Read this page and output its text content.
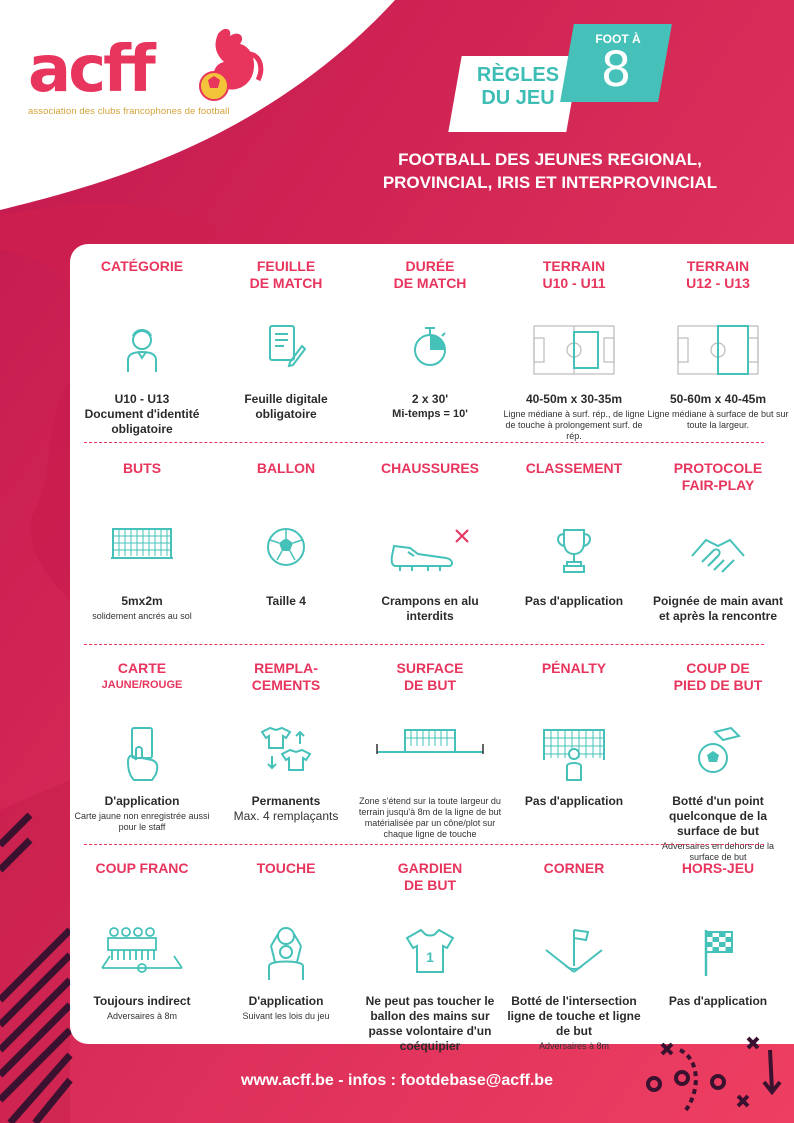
acff
association des clubs francophones de football
RÈGLES DU JEU
FOOT À
8
FOOTBALL DES JEUNES REGIONAL,
PROVINCIAL, IRIS ET INTERPROVINCIAL
CATÉGORIE
U10 - U13
Document d'identité obligatoire
FEUILLE
DE MATCH
Feuille digitale obligatoire
DURÉE
DE MATCH
2 x 30'
Mi-temps = 10'
TERRAIN
U10 - U11
40-50m x 30-35m
Ligne médiane à surf. rép., de ligne de touche à prolongement surf. de rép.
TERRAIN
U12 - U13
50-60m x 40-45m
Ligne médiane à surface de but sur toute la largeur.
BUTS
5mx2m
solidement ancrés au sol
BALLON
Taille 4
CHAUSSURES
Crampons en alu interdits
CLASSEMENT
Pas d'application
PROTOCOLE
FAIR-PLAY
Poignée de main avant et après la rencontre
CARTE
JAUNE/ROUGE
D'application
Carte jaune non enregistrée aussi pour le staff
REMPLA-
CEMENTS
Permanents
Max. 4 remplaçants
SURFACE
DE BUT
Zone s'étend sur la toute largeur du terrain jusqu'à 8m de la ligne de but matérialisée par un cône/plot sur chaque ligne de touche
PÉNALTY
Pas d'application
COUP DE
PIED DE BUT
Botté d'un point quelconque de la surface de but
Adversaires en dehors de la surface de but
COUP FRANC
Toujours indirect
Adversaires à 8m
TOUCHE
D'application
Suivant les lois du jeu
GARDIEN
DE BUT
1
Ne peut pas toucher le ballon des mains sur passe volontaire d'un coéquipier
CORNER
Botté de l'intersection ligne de touche et ligne de but
Adversaires à 8m
HORS-JEU
Pas d'application
www.acff.be - infos : footdebase@acff.be
